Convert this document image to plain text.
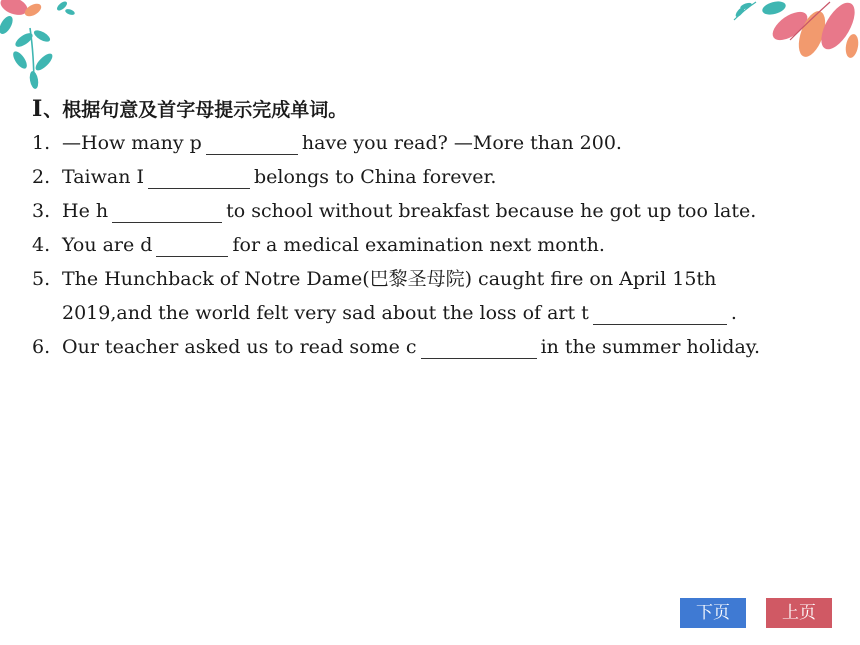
Ⅰ、根据句意及首字母提示完成单词。
1. —How many p	have you read? —More than 200.
2. Taiwan I	belongs to China forever.
3. He h	to school without breakfast because he got up too late.
4. You are d	for a medical examination next month.
5. The Hunchback of Notre Dame(巴黎圣母院) caught fire on April 15th
2019,and the world felt very sad about the loss of art t	.
6. Our teacher asked us to read some c	in the summer holiday.
下页	上页
